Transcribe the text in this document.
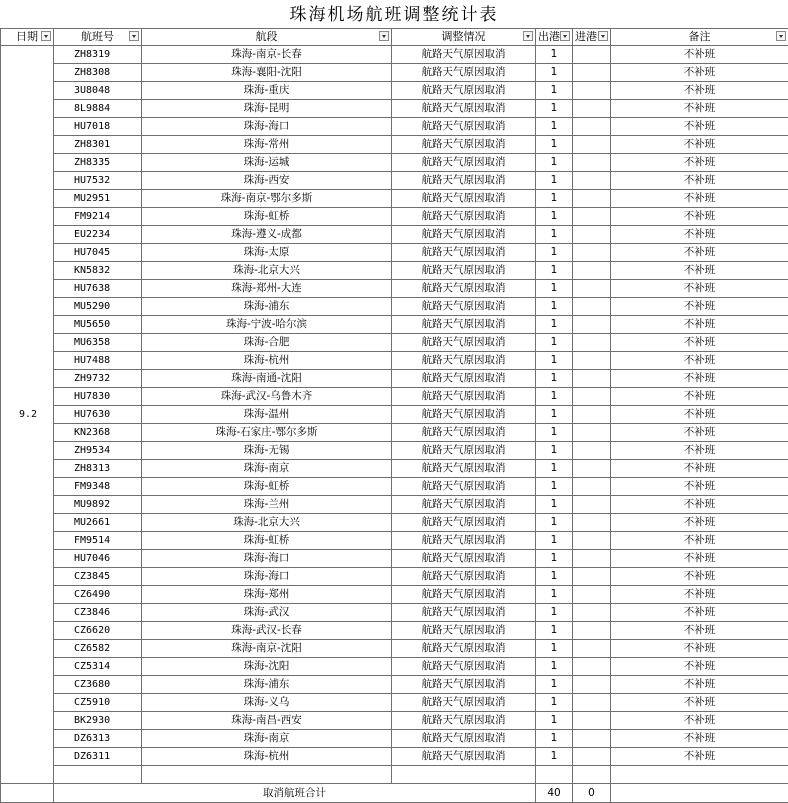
珠海机场航班调整统计表
日期	航班号	航段	调整情况	出港	进港	备注

9.2	ZH8319	珠海-南京-长春	航路天气原因取消	1		不补班
	ZH8308	珠海-襄阳-沈阳	航路天气原因取消	1		不补班
	3U8048	珠海-重庆	航路天气原因取消	1		不补班
	8L9884	珠海-昆明	航路天气原因取消	1		不补班
	HU7018	珠海-海口	航路天气原因取消	1		不补班
	ZH8301	珠海-常州	航路天气原因取消	1		不补班
	ZH8335	珠海-运城	航路天气原因取消	1		不补班
	HU7532	珠海-西安	航路天气原因取消	1		不补班
	MU2951	珠海-南京-鄂尔多斯	航路天气原因取消	1		不补班
	FM9214	珠海-虹桥	航路天气原因取消	1		不补班
	EU2234	珠海-遵义-成都	航路天气原因取消	1		不补班
	HU7045	珠海-太原	航路天气原因取消	1		不补班
	KN5832	珠海-北京大兴	航路天气原因取消	1		不补班
	HU7638	珠海-郑州-大连	航路天气原因取消	1		不补班
	MU5290	珠海-浦东	航路天气原因取消	1		不补班
	MU5650	珠海-宁波-哈尔滨	航路天气原因取消	1		不补班
	MU6358	珠海-合肥	航路天气原因取消	1		不补班
	HU7488	珠海-杭州	航路天气原因取消	1		不补班
	ZH9732	珠海-南通-沈阳	航路天气原因取消	1		不补班
	HU7830	珠海-武汉-乌鲁木齐	航路天气原因取消	1		不补班
	HU7630	珠海-温州	航路天气原因取消	1		不补班
	KN2368	珠海-石家庄-鄂尔多斯	航路天气原因取消	1		不补班
	ZH9534	珠海-无锡	航路天气原因取消	1		不补班
	ZH8313	珠海-南京	航路天气原因取消	1		不补班
	FM9348	珠海-虹桥	航路天气原因取消	1		不补班
	MU9892	珠海-兰州	航路天气原因取消	1		不补班
	MU2661	珠海-北京大兴	航路天气原因取消	1		不补班
	FM9514	珠海-虹桥	航路天气原因取消	1		不补班
	HU7046	珠海-海口	航路天气原因取消	1		不补班
	CZ3845	珠海-海口	航路天气原因取消	1		不补班
	CZ6490	珠海-郑州	航路天气原因取消	1		不补班
	CZ3846	珠海-武汉	航路天气原因取消	1		不补班
	CZ6620	珠海-武汉-长春	航路天气原因取消	1		不补班
	CZ6582	珠海-南京-沈阳	航路天气原因取消	1		不补班
	CZ5314	珠海-沈阳	航路天气原因取消	1		不补班
	CZ3680	珠海-浦东	航路天气原因取消	1		不补班
	CZ5910	珠海-义乌	航路天气原因取消	1		不补班
	BK2930	珠海-南昌-西安	航路天气原因取消	1		不补班
	DZ6313	珠海-南京	航路天气原因取消	1		不补班
	DZ6311	珠海-杭州	航路天气原因取消	1		不补班

	取消航班合计			40	0	
